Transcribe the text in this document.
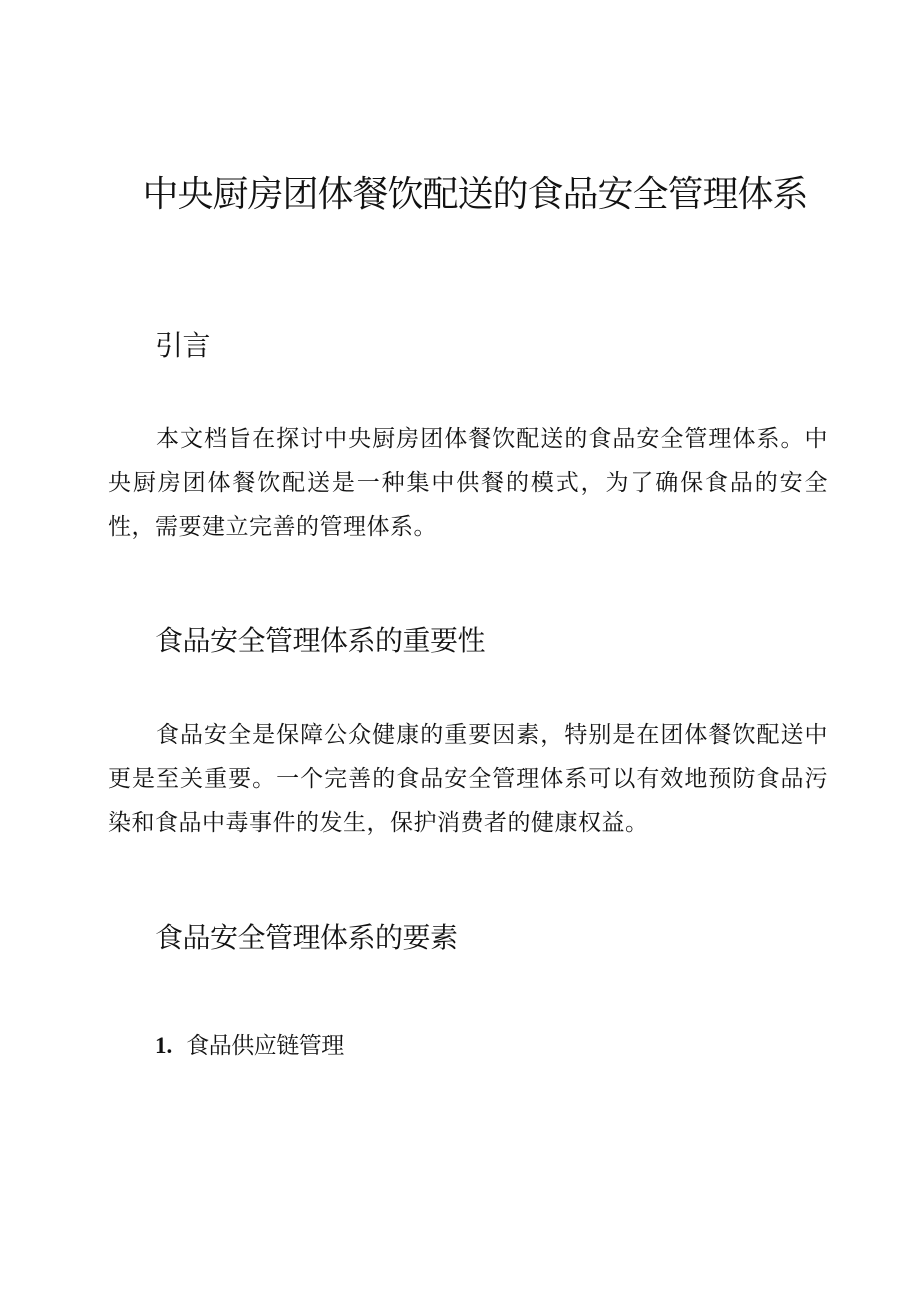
中央厨房团体餐饮配送的食品安全管理体系
引言

本文档旨在探讨中央厨房团体餐饮配送的食品安全管理体系。中央厨房团体餐饮配送是一种集中供餐的模式，为了确保食品的安全性，需要建立完善的管理体系。

食品安全管理体系的重要性

食品安全是保障公众健康的重要因素，特别是在团体餐饮配送中更是至关重要。一个完善的食品安全管理体系可以有效地预防食品污染和食品中毒事件的发生，保护消费者的健康权益。

食品安全管理体系的要素
1. 食品供应链管理
